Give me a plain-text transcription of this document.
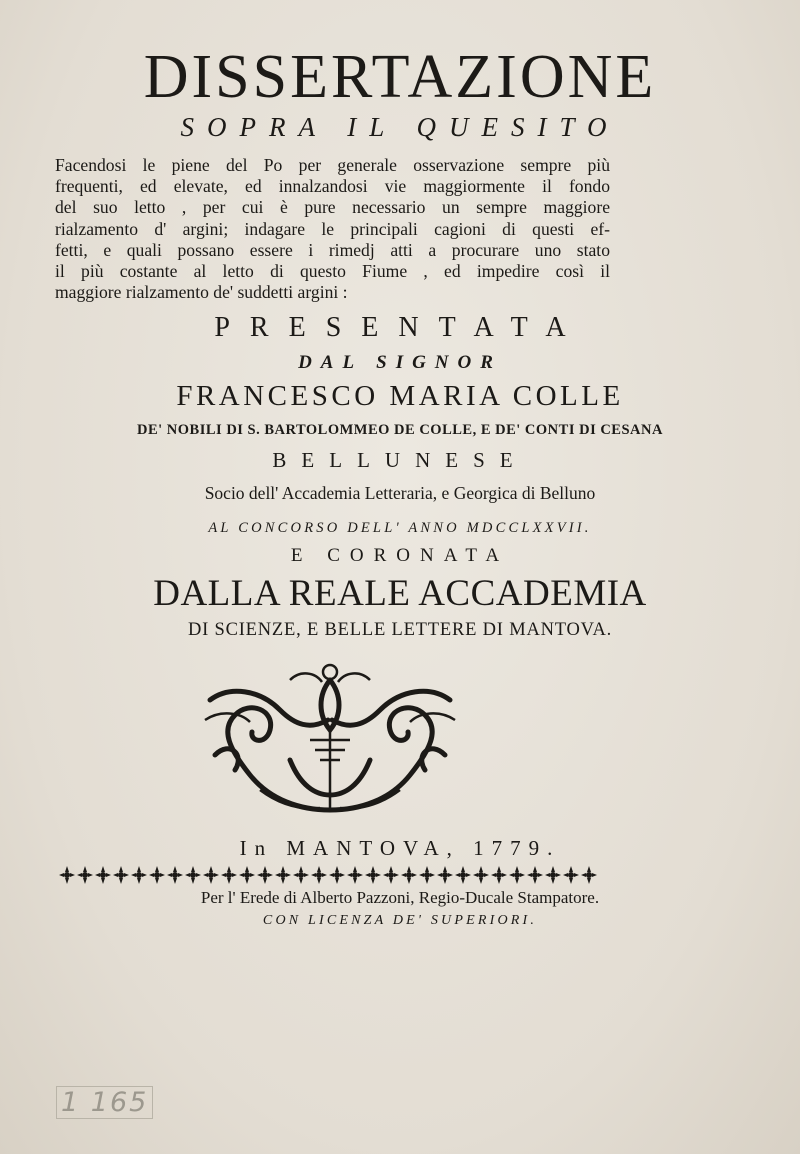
DISSERTAZIONE
SOPRA IL QUESITO
Facendosi le piene del Po per generale osservazione sempre più
frequenti, ed elevate, ed innalzandosi vie maggiormente il fondo
del suo letto , per cui è pure necessario un sempre maggiore
rialzamento d' argini; indagare le principali cagioni di questi ef-
fetti, e quali possano essere i rimedj atti a procurare uno stato
il più costante al letto di questo Fiume , ed impedire così il
maggiore rialzamento de' suddetti argini :
PRESENTATA
DAL SIGNOR
FRANCESCO MARIA COLLE
DE' NOBILI DI S. BARTOLOMMEO DE COLLE, E DE' CONTI DI CESANA
BELLUNESE
Socio dell' Accademia Letteraria, e Georgica di Belluno
AL CONCORSO DELL' ANNO MDCCLXXVII.
E CORONATA
DALLA REALE ACCADEMIA
DI SCIENZE, E BELLE LETTERE DI MANTOVA.
In MANTOVA, 1779.
Per l' Erede di Alberto Pazzoni, Regio-Ducale Stampatore.
CON LICENZA DE' SUPERIORI.
1 165
